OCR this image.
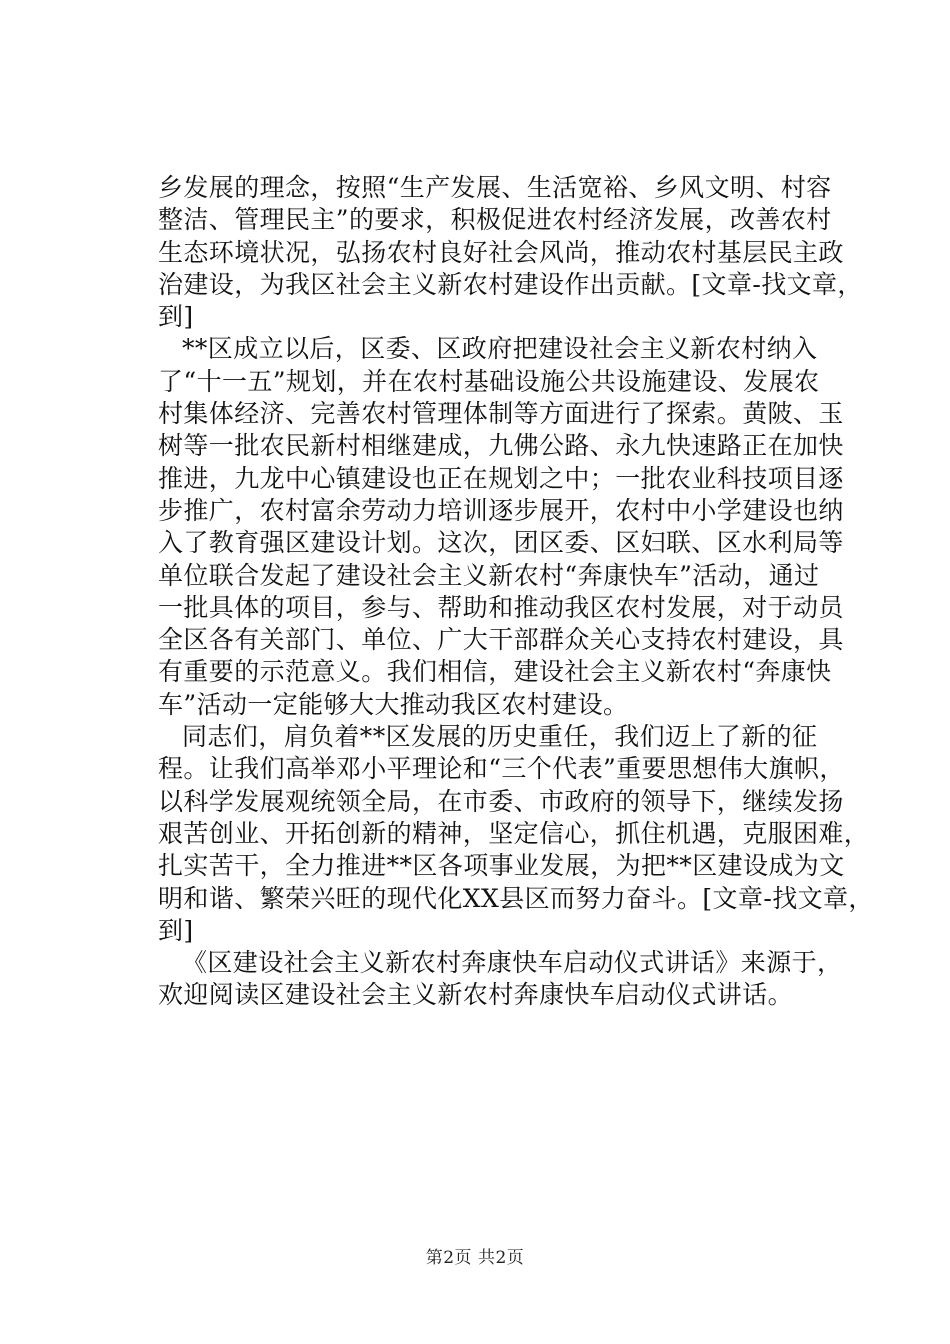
乡发展的理念，按照“生产发展、生活宽裕、乡风文明、村容
整洁、管理民主”的要求，积极促进农村经济发展，改善农村
生态环境状况，弘扬农村良好社会风尚，推动农村基层民主政
治建设，为我区社会主义新农村建设作出贡献。[文章-找文章，
到]
**区成立以后，区委、区政府把建设社会主义新农村纳入
了“十一五”规划，并在农村基础设施公共设施建设、发展农
村集体经济、完善农村管理体制等方面进行了探索。黄陂、玉
树等一批农民新村相继建成，九佛公路、永九快速路正在加快
推进，九龙中心镇建设也正在规划之中；一批农业科技项目逐
步推广，农村富余劳动力培训逐步展开，农村中小学建设也纳
入了教育强区建设计划。这次，团区委、区妇联、区水利局等
单位联合发起了建设社会主义新农村“奔康快车”活动，通过
一批具体的项目，参与、帮助和推动我区农村发展，对于动员
全区各有关部门、单位、广大干部群众关心支持农村建设，具
有重要的示范意义。我们相信，建设社会主义新农村“奔康快
车”活动一定能够大大推动我区农村建设。
同志们，肩负着**区发展的历史重任，我们迈上了新的征
程。让我们高举邓小平理论和“三个代表”重要思想伟大旗帜，
以科学发展观统领全局，在市委、市政府的领导下，继续发扬
艰苦创业、开拓创新的精神，坚定信心，抓住机遇，克服困难，
扎实苦干，全力推进**区各项事业发展，为把**区建设成为文
明和谐、繁荣兴旺的现代化XX县区而努力奋斗。[文章-找文章，
到]
《区建设社会主义新农村奔康快车启动仪式讲话》来源于，
欢迎阅读区建设社会主义新农村奔康快车启动仪式讲话。
第2页 共2页
